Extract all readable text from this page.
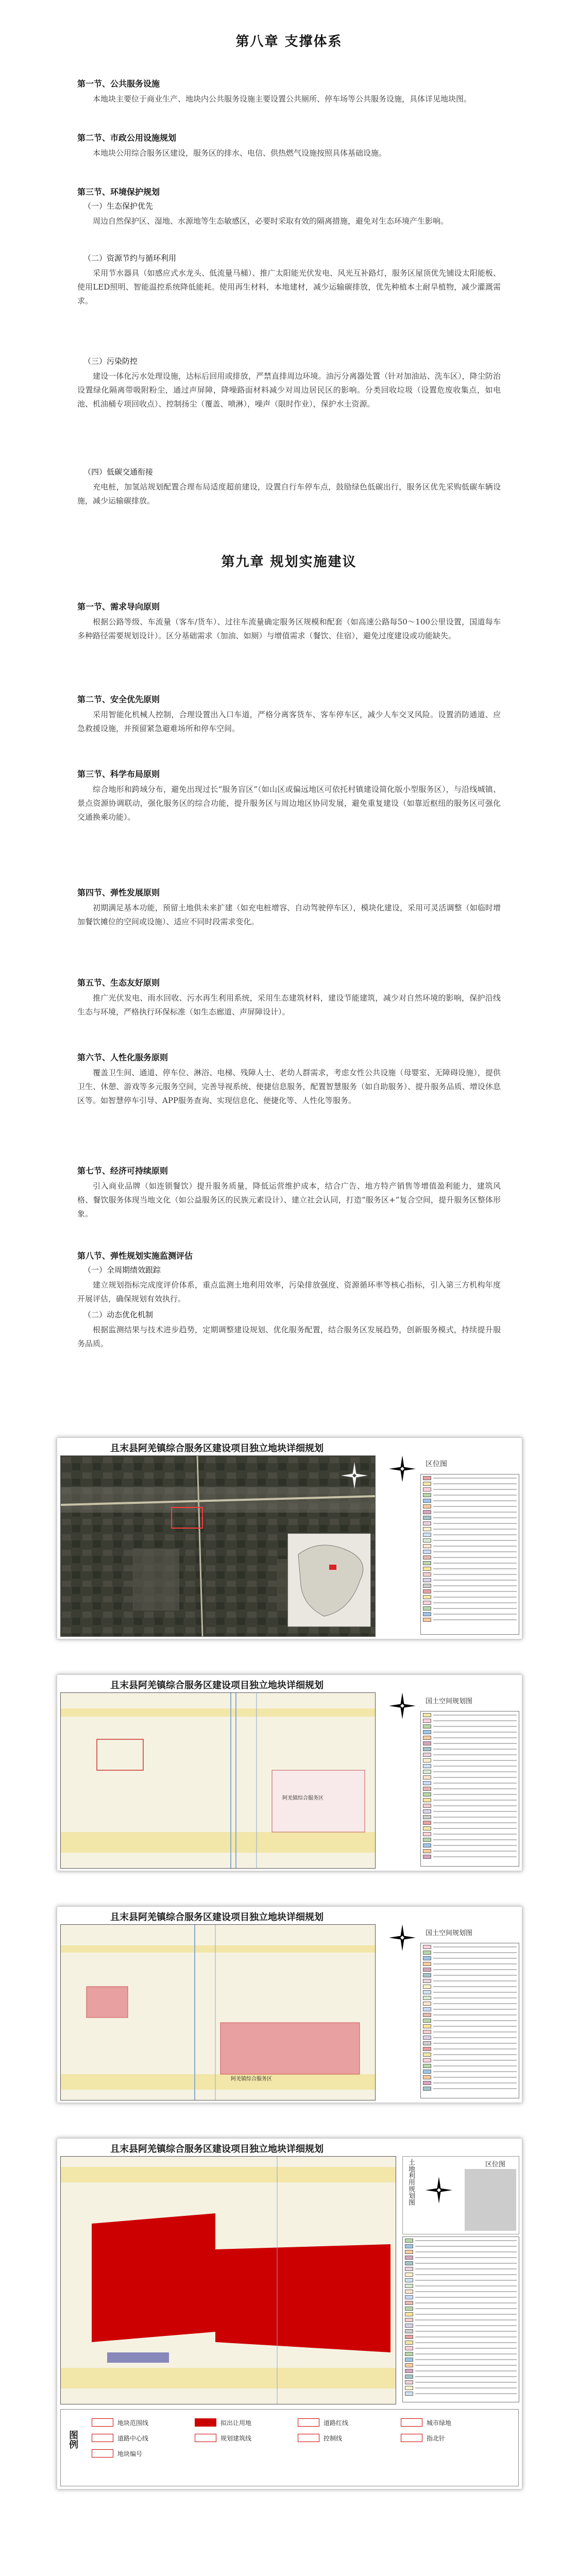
第八章 支撑体系
第一节、公共服务设施

本地块主要位于商业生产、地块内公共服务设施主要设置公共厕所、停车场等公共服务设施，具体详见地块图。

第二节、市政公用设施规划

本地块公用综合服务区建设，服务区的排水、电信、供热燃气设施按照具体基础设施。

第三节、环境保护规划
（一）生态保护优先

周边自然保护区、湿地、水源地等生态敏感区，必要时采取有效的隔离措施，避免对生态环境产生影响。

（二）资源节约与循环利用

采用节水器具（如感应式水龙头、低流量马桶）、推广太阳能光伏发电、风光互补路灯，服务区屋顶优先铺设太阳能板、使用LED照明、智能温控系统降低能耗。使用再生材料，本地建材，减少运输碳排放，优先种植本土耐旱植物，减少灌溉需求。

（三）污染防控

建设一体化污水处理设施，达标后回用或排放，严禁直排周边环境。油污分离器处置（针对加油站、洗车区），降尘防治设置绿化隔离带吸附粉尘，通过声屏障，降噪路面材料减少对周边居民区的影响。分类回收垃圾（设置危废收集点，如电池、机油桶专项回收点）、控制扬尘（覆盖、喷淋），噪声（限时作业），保护水土资源。

（四）低碳交通衔接

充电桩，加氢站规划配置合理布局适度超前建设，设置自行车停车点，鼓励绿色低碳出行，服务区优先采购低碳车辆设施，减少运输碳排放。

第九章 规划实施建议
第一节、需求导向原则

根据公路等级、车流量（客车/货车）、过往车流量确定服务区规模和配套（如高速公路每50～100公里设置，国道每车多种路径需要规划设计）。区分基础需求（加油、如厕）与增值需求（餐饮、住宿），避免过度建设或功能缺失。

第二节、安全优先原则

采用智能化机械人控制，合理设置出入口车道，严格分离客货车、客车停车区，减少人车交叉风险。设置消防通道、应急救援设施，并预留紧急避难场所和停车空间。

第三节、科学布局原则

综合地形和跨域分布，避免出现过长“服务盲区”（如山区或偏远地区可依托村镇建设简化版小型服务区），与沿线城镇、景点资源协调联动，强化服务区的综合功能，提升服务区与周边地区协同发展，避免重复建设（如靠近枢纽的服务区可强化交通换乘功能）。

第四节、弹性发展原则

初期满足基本功能，预留土地供未来扩建（如充电桩增容、自动驾驶停车区），模块化建设，采用可灵活调整（如临时增加餐饮摊位的空间或设施）、适应不同时段需求变化。

第五节、生态友好原则

推广光伏发电、雨水回收、污水再生利用系统，采用生态建筑材料，建设节能建筑，减少对自然环境的影响，保护沿线生态与环境，严格执行环保标准（如生态廊道、声屏障设计）。

第六节、人性化服务原则

覆盖卫生间、通道、停车位、淋浴、电梯、残障人士、老幼人群需求，考虑女性公共设施（母婴室、无障碍设施），提供卫生、休憩、游戏等多元服务空间，完善导视系统、便捷信息服务，配置智慧服务（如自助服务）、提升服务品质、增设休息区等。如智慧停车引导、APP服务查询、实现信息化、便捷化等、人性化等服务。

第七节、经济可持续原则

引入商业品牌（如连锁餐饮）提升服务质量，降低运营维护成本，结合广告、地方特产销售等增值盈利能力，建筑风格、餐饮服务体现当地文化（如公益服务区的民族元素设计）、建立社会认同，打造“服务区+”复合空间，提升服务区整体形象。

第八节、弹性规划实施监测评估
（一）全周期绩效跟踪

建立规划指标完成度评价体系，重点监测土地利用效率，污染排放强度、资源循环率等核心指标，引入第三方机构年度开展评估，确保规划有效执行。

（二）动态优化机制

根据监测结果与技术进步趋势，定期调整建设规划、优化服务配置，结合服务区发展趋势，创新服务模式，持续提升服务品质。

且末县阿羌镇综合服务区建设项目独立地块详细规划
区位图
且末县阿羌镇综合服务区建设项目独立地块详细规划
阿羌镇综合服务区
国土空间规划图
且末县阿羌镇综合服务区建设项目独立地块详细规划
阿羌镇综合服务区
国土空间规划图
且末县阿羌镇综合服务区建设项目独立地块详细规划
土地利用规划图	区位图
图例
地块范围线	拟出让用地	道路红线	城市绿地
道路中心线	规划建筑线	控制线	指北针
地块编号
